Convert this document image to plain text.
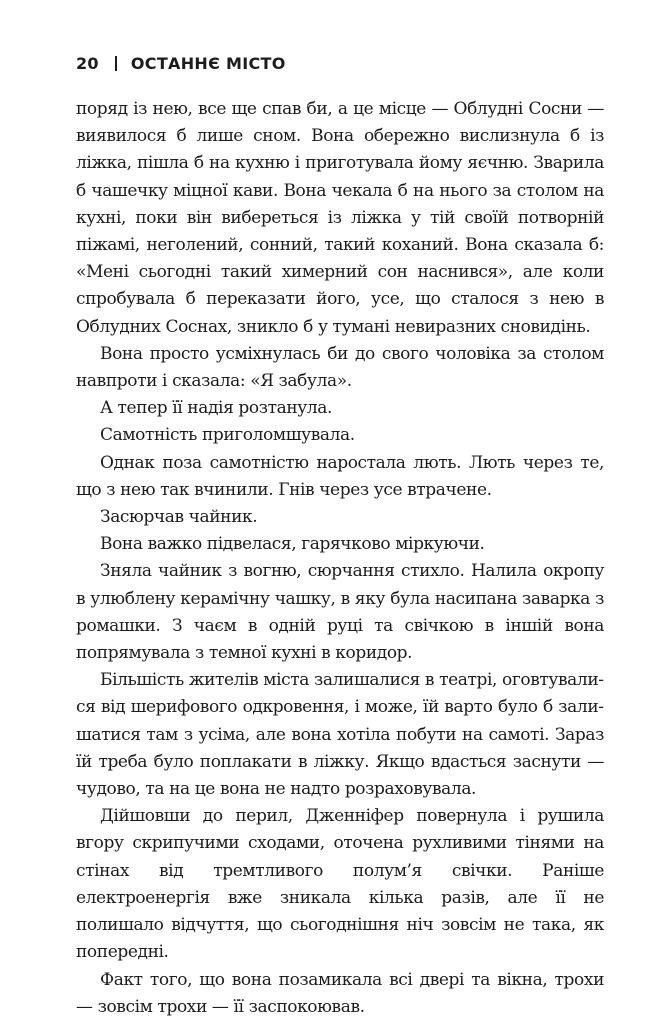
20 ОСТАННЄ МІСТО

поряд із нею, все ще спав би, а це місце — Облудні Сосни — виявилося б лише сном. Вона обережно вислизнула б із ліжка, пішла б на кухню і приготувала йому яєчню. Зварила б чашечку міцної кави. Вона чекала б на нього за столом на кухні, поки він вибереться із ліжка у тій своїй потворній піжамі, неголений, сонний, такий коханий. Вона сказала б: «Мені сьогодні такий химерний сон наснився», але коли спробувала б переказати його, усе, що сталося з нею в Облудних Соснах, зникло б у тумані невиразних сновидінь.

Вона просто усміхнулась би до свого чоловіка за столом навпроти і сказала: «Я забула».

А тепер її надія розтанула.

Самотність приголомшувала.

Однак поза самотністю наростала лють. Лють через те, що з нею так вчинили. Гнів через усе втрачене.

Засюрчав чайник.

Вона важко підвелася, гарячково міркуючи.

Зняла чайник з вогню, сюрчання стихло. Налила окропу в улюблену керамічну чашку, в яку була насипана заварка з ромашки. З чаєм в одній руці та свічкою в іншій вона попрямувала з темної кухні в коридор.

Більшість жителів міста залишалися в театрі, оговтувалися від шерифового одкровення, і може, їй варто було б залишатися там з усіма, але вона хотіла побути на самоті. Зараз їй треба було поплакати в ліжку. Якщо вдасться заснути — чудово, та на це вона не надто розраховувала.

Дійшовши до перил, Дженніфер повернула і рушила вгору скрипучими сходами, оточена рухливими тінями на стінах від тремтливого полум’я свічки. Раніше електроенергія вже зникала кілька разів, але її не полишало відчуття, що сьогоднішня ніч зовсім не така, як попередні.

Факт того, що вона позамикала всі двері та вікна, трохи — зовсім трохи — її заспокоював.
